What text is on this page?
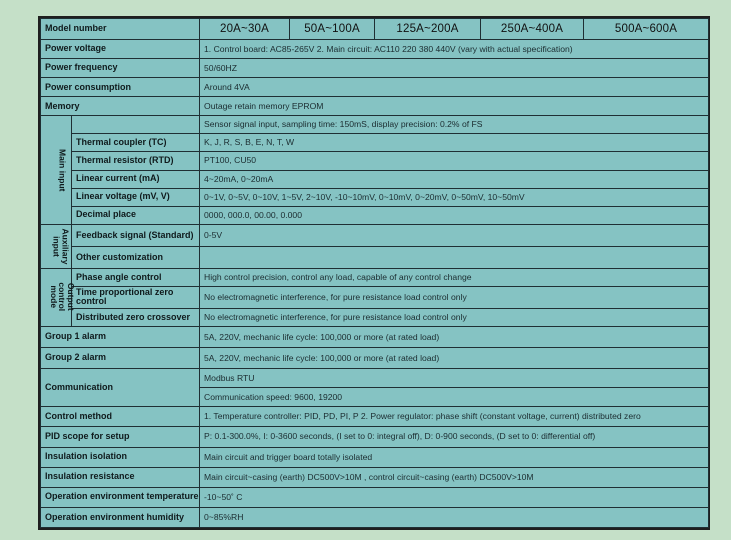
Model number		20A~30A	50A~100A	125A~200A	250A~400A	500A~600A
Power voltage		1. Control board: AC85-265V 2. Main circuit: AC110 220 380 440V (vary with actual specification)				
Power frequency		50/60HZ				
Power consumption		Around 4VA				
Memory		Outage retain memory EPROM				
Main input		Sensor signal input, sampling time: 150mS, display precision: 0.2% of FS				
	Thermal coupler (TC)	K, J, R, S, B, E, N, T, W				
	Thermal resistor (RTD)	PT100, CU50				
	Linear current (mA)	4~20mA, 0~20mA				
	Linear voltage (mV, V)	0~1V, 0~5V, 0~10V, 1~5V, 2~10V, -10~10mV, 0~10mV, 0~20mV, 0~50mV, 10~50mV				
	Decimal place	0000, 000.0, 00.00, 0.000				
Auxiliary input	Feedback signal (Standard)	0-5V				
	Other customization					
Output control mode	Phase angle control	High control precision, control any load, capable of any control change				
	Time proportional zero control	No electromagnetic interference, for pure resistance load control only				
	Distributed zero crossover	No electromagnetic interference, for pure resistance load control only				
Group 1 alarm		5A, 220V, mechanic life cycle: 100,000 or more (at rated load)				
Group 2 alarm		5A, 220V, mechanic life cycle: 100,000 or more (at rated load)				
Communication		Modbus RTU				
		Communication speed: 9600, 19200				
Control method		1. Temperature controller: PID, PD, PI, P 2. Power regulator: phase shift (constant voltage, current) distributed zero				
PID scope for setup		P: 0.1-300.0%, I: 0-3600 seconds, (I set to 0: integral off), D: 0-900 seconds, (D set to 0: differential off)				
Insulation isolation		Main circuit and trigger board totally isolated				
Insulation resistance		Main circuit~casing (earth) DC500V>10M , control circuit~casing (earth) DC500V>10M				
Operation environment temperature		-10~50˚ C				
Operation environment humidity		0~85%RH				
